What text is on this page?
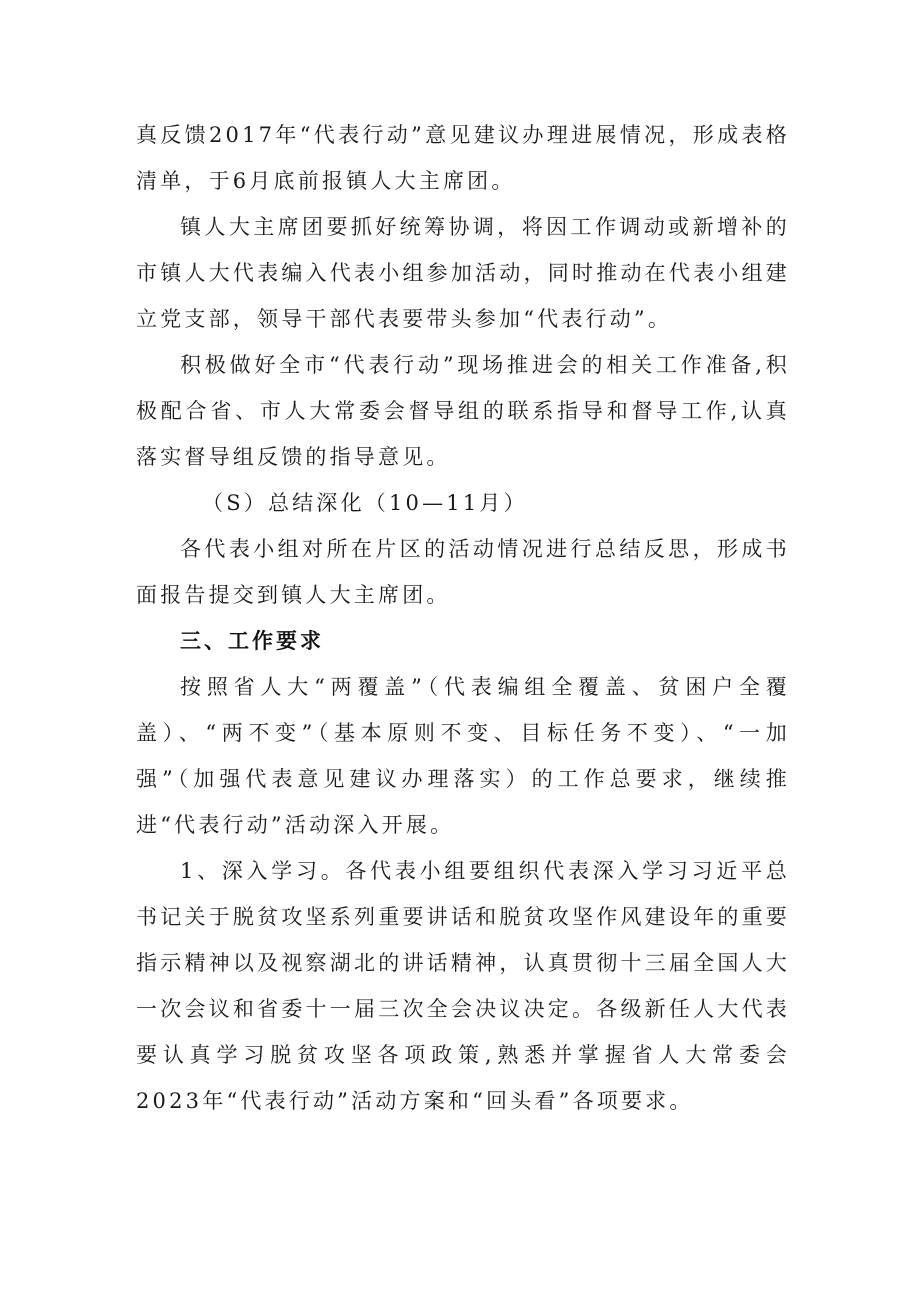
真反馈2017年“代表行动”意见建议办理进展情况，形成表格清单，于6月底前报镇人大主席团。

镇人大主席团要抓好统筹协调，将因工作调动或新增补的市镇人大代表编入代表小组参加活动，同时推动在代表小组建立党支部，领导干部代表要带头参加“代表行动”。

积极做好全市“代表行动”现场推进会的相关工作准备,积极配合省、市人大常委会督导组的联系指导和督导工作,认真落实督导组反馈的指导意见。

（S）总结深化（10—11月）

各代表小组对所在片区的活动情况进行总结反思，形成书面报告提交到镇人大主席团。

三、工作要求

按照省人大“两覆盖”（代表编组全覆盖、贫困户全覆盖）、“两不变”（基本原则不变、目标任务不变）、“一加强”（加强代表意见建议办理落实）的工作总要求，继续推进“代表行动”活动深入开展。

1、深入学习。各代表小组要组织代表深入学习习近平总书记关于脱贫攻坚系列重要讲话和脱贫攻坚作风建设年的重要指示精神以及视察湖北的讲话精神，认真贯彻十三届全国人大一次会议和省委十一届三次全会决议决定。各级新任人大代表要认真学习脱贫攻坚各项政策,熟悉并掌握省人大常委会2023年“代表行动”活动方案和“回头看”各项要求。
